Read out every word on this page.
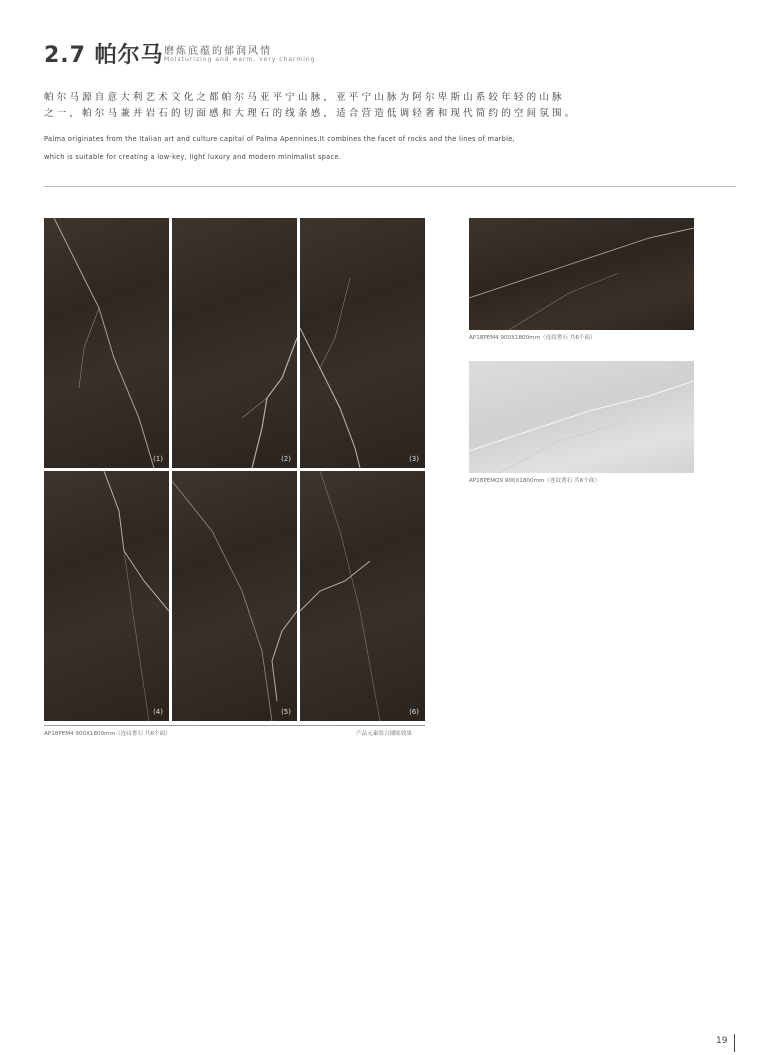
2.7 帕尔马 磨炼底蕴的郁润风情
Moisturizing and warm, very charming
帕尔马源自意大利艺术文化之都帕尔马亚平宁山脉，亚平宁山脉为阿尔卑斯山系较年轻的山脉
之一，帕尔马兼并岩石的切面感和大理石的线条感，适合营造低调轻奢和现代简约的空间氛围。
Palma originates from the Italian art and culture capital of Palma Apennines.It combines the facet of rocks and the lines of marble,
which is suitable for creating a low-key, light luxury and modern minimalist space.
(1)	(2)	(3)
(4)	(5)	(6)
AP18PEM4 900X1800mm（连纹奢石 共6个面）	产品元素组合铺贴效果
AP18PEM4 900X1800mm（连纹奢石 共6个面）
AP18PEMQ9 900X1800mm（连纹奢石 共6个面）
19
